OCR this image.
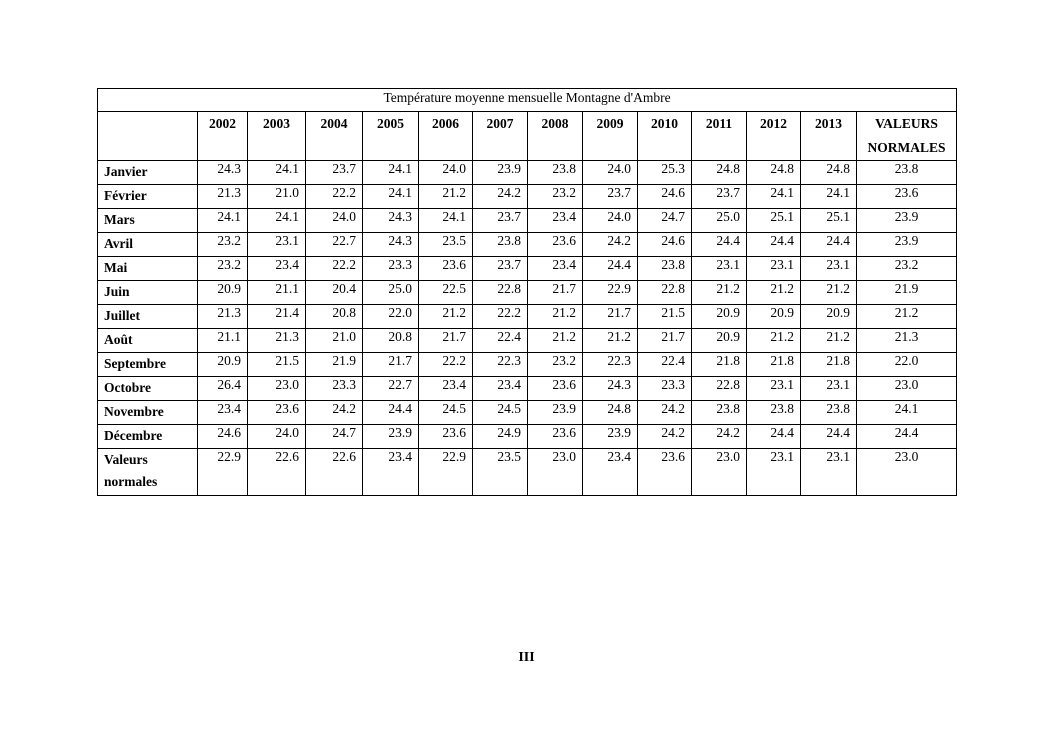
Température moyenne mensuelle Montagne d'Ambre													
	2002	2003	2004	2005	2006	2007	2008	2009	2010	2011	2012	2013	VALEURS
NORMALES

Janvier	24.3	24.1	23.7	24.1	24.0	23.9	23.8	24.0	25.3	24.8	24.8	24.8	23.8
Février	21.3	21.0	22.2	24.1	21.2	24.2	23.2	23.7	24.6	23.7	24.1	24.1	23.6
Mars	24.1	24.1	24.0	24.3	24.1	23.7	23.4	24.0	24.7	25.0	25.1	25.1	23.9
Avril	23.2	23.1	22.7	24.3	23.5	23.8	23.6	24.2	24.6	24.4	24.4	24.4	23.9
Mai	23.2	23.4	22.2	23.3	23.6	23.7	23.4	24.4	23.8	23.1	23.1	23.1	23.2
Juin	20.9	21.1	20.4	25.0	22.5	22.8	21.7	22.9	22.8	21.2	21.2	21.2	21.9
Juillet	21.3	21.4	20.8	22.0	21.2	22.2	21.2	21.7	21.5	20.9	20.9	20.9	21.2
Août	21.1	21.3	21.0	20.8	21.7	22.4	21.2	21.2	21.7	20.9	21.2	21.2	21.3
Septembre	20.9	21.5	21.9	21.7	22.2	22.3	23.2	22.3	22.4	21.8	21.8	21.8	22.0
Octobre	26.4	23.0	23.3	22.7	23.4	23.4	23.6	24.3	23.3	22.8	23.1	23.1	23.0
Novembre	23.4	23.6	24.2	24.4	24.5	24.5	23.9	24.8	24.2	23.8	23.8	23.8	24.1
Décembre	24.6	24.0	24.7	23.9	23.6	24.9	23.6	23.9	24.2	24.2	24.4	24.4	24.4

Valeurs
normales	22.9	22.6	22.6	23.4	22.9	23.5	23.0	23.4	23.6	23.0	23.1	23.1	23.0
III
